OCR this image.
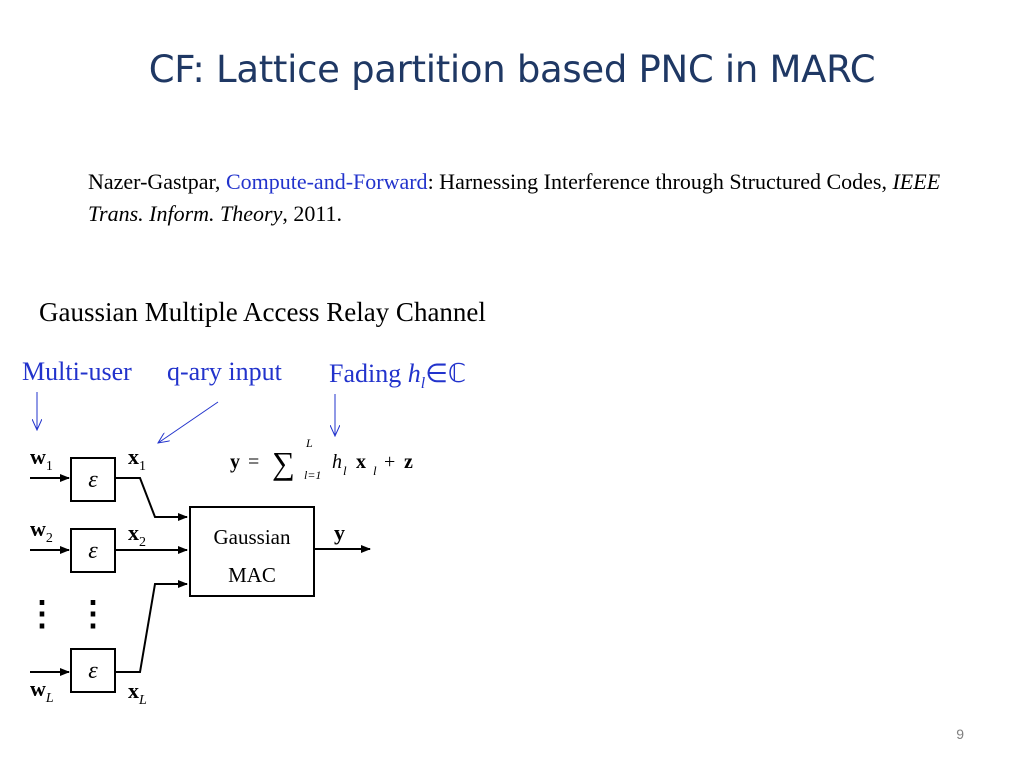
CF: Lattice partition based PNC in MARC
Nazer-Gastpar, Compute-and-Forward: Harnessing Interference through Structured Codes, IEEE Trans. Inform. Theory, 2011.
Gaussian Multiple Access Relay Channel
Multi-user q-ary input Fading $h_l\in ℂ$
$w_1$
$w_2$
$w_L$
ε
ε
ε
⋮ ⋮
$x_1$
$x_2$
$x_L$
Gaussian
MAC
y
y = ∑
L
l=1
h l x l + z
9
